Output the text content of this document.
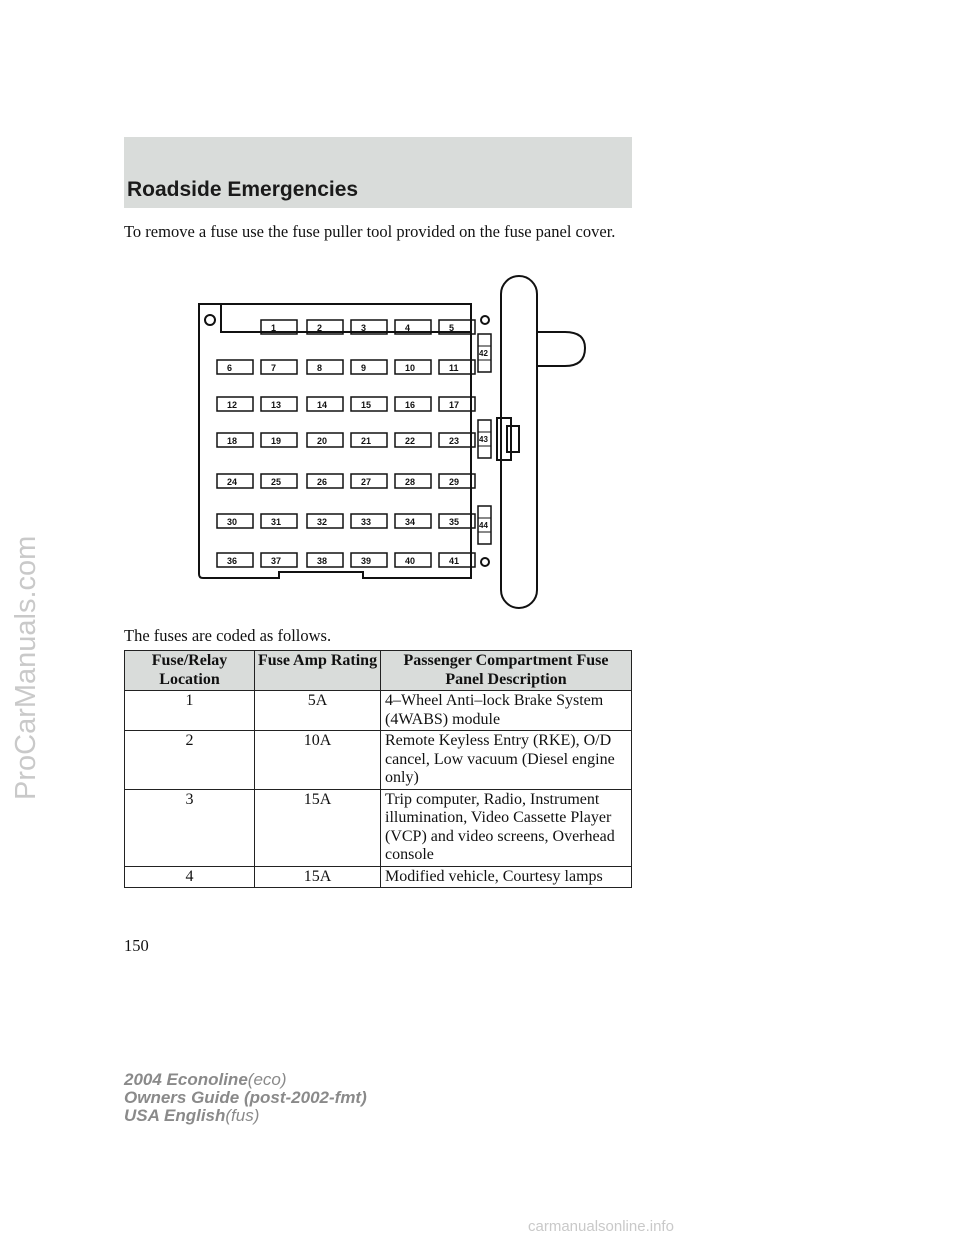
Roadside Emergencies
To remove a fuse use the fuse puller tool provided on the fuse panel cover.
1	2	3	4	5
6	7	8	9	10	11
12	13	14	15	16	17
18	19	20	21	22	23
24	25	26	27	28	29
30	31	32	33	34	35
36	37	38	39	40	41
42
43
44
The fuses are coded as follows.
Fuse/Relay Location	Fuse Amp Rating	Passenger Compartment Fuse Panel Description
1	5A	4–Wheel Anti–lock Brake System (4WABS) module
2	10A	Remote Keyless Entry (RKE), O/D cancel, Low vacuum (Diesel engine only)
3	15A	Trip computer, Radio, Instrument illumination, Video Cassette Player (VCP) and video screens, Overhead console
4	15A	Modified vehicle, Courtesy lamps
150
2004 Econoline(eco)
Owners Guide (post-2002-fmt)
USA English(fus)
ProCarManuals.com
carmanualsonline.info
